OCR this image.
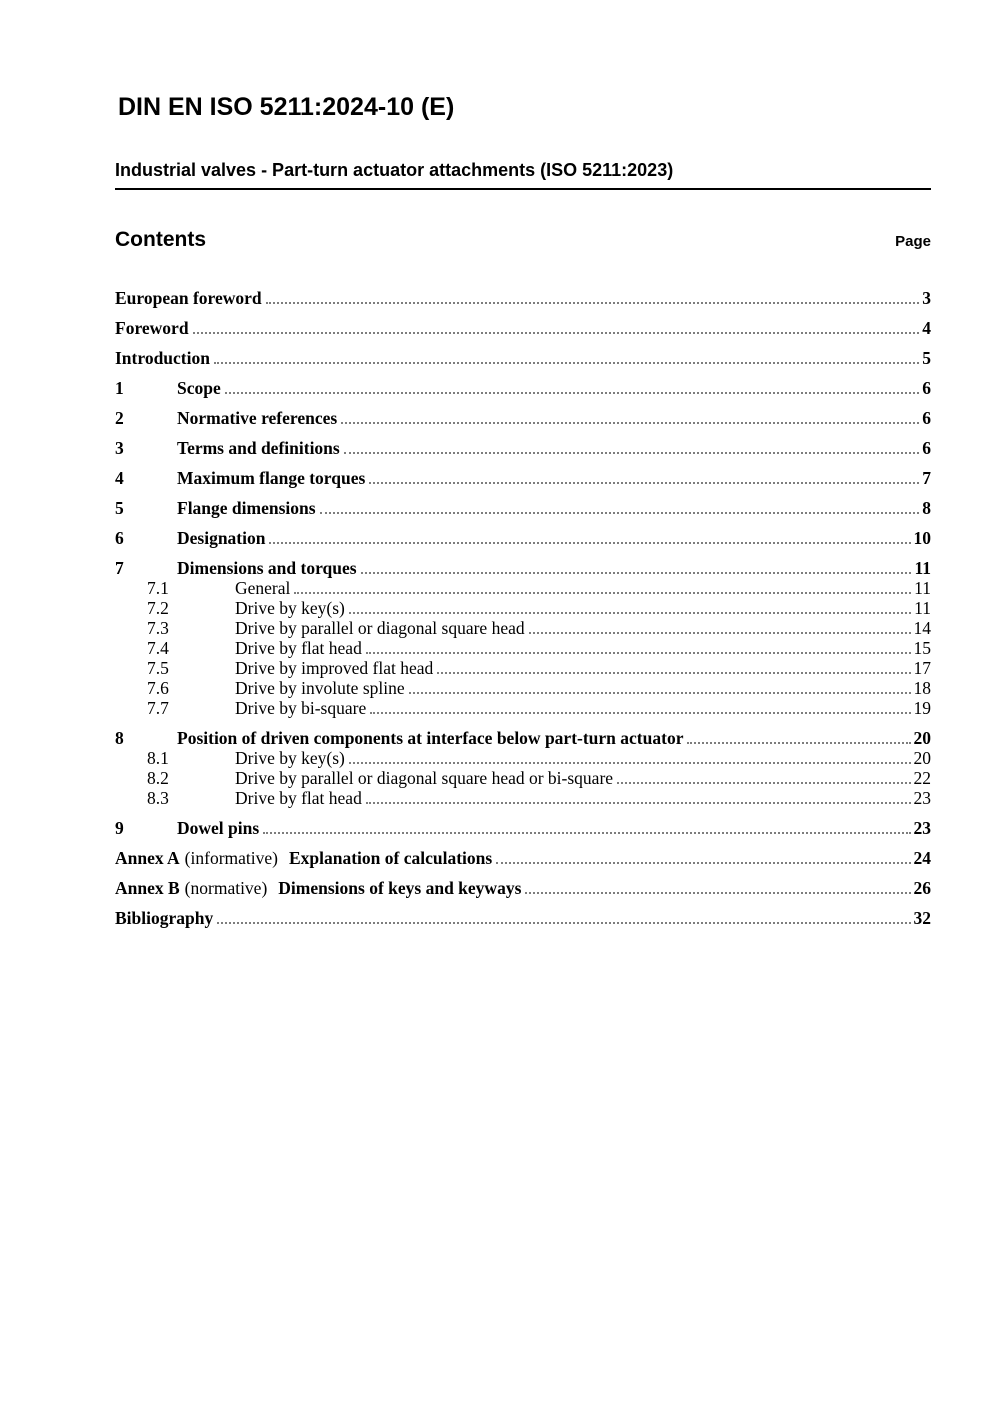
DIN EN ISO 5211:2024-10 (E)
Industrial valves - Part-turn actuator attachments (ISO 5211:2023)
Contents	Page
European foreword	3
Foreword	4
Introduction	5
1	Scope	6
2	Normative references	6
3	Terms and definitions	6
4	Maximum flange torques	7
5	Flange dimensions	8
6	Designation	10
7	Dimensions and torques	11
7.1	General	11
7.2	Drive by key(s)	11
7.3	Drive by parallel or diagonal square head	14
7.4	Drive by flat head	15
7.5	Drive by improved flat head	17
7.6	Drive by involute spline	18
7.7	Drive by bi-square	19
8	Position of driven components at interface below part-turn actuator	20
8.1	Drive by key(s)	20
8.2	Drive by parallel or diagonal square head or bi-square	22
8.3	Drive by flat head	23
9	Dowel pins	23
Annex A (informative) Explanation of calculations	24
Annex B (normative) Dimensions of keys and keyways	26
Bibliography	32
